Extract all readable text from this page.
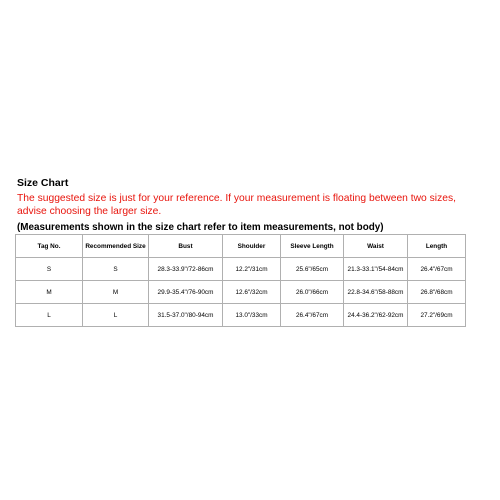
Size Chart
The suggested size is just for your reference. If your measurement is floating between two sizes, advise choosing the larger size.
(Measurements shown in the size chart refer to item measurements, not body)
Tag No.	Recommended Size	Bust	Shoulder	Sleeve Length	Waist	Length
S	S	28.3-33.9"/72-86cm	12.2"/31cm	25.6"/65cm	21.3-33.1"/54-84cm	26.4"/67cm
M	M	29.9-35.4"/76-90cm	12.6"/32cm	26.0"/66cm	22.8-34.6"/58-88cm	26.8"/68cm
L	L	31.5-37.0"/80-94cm	13.0"/33cm	26.4"/67cm	24.4-36.2"/62-92cm	27.2"/69cm
